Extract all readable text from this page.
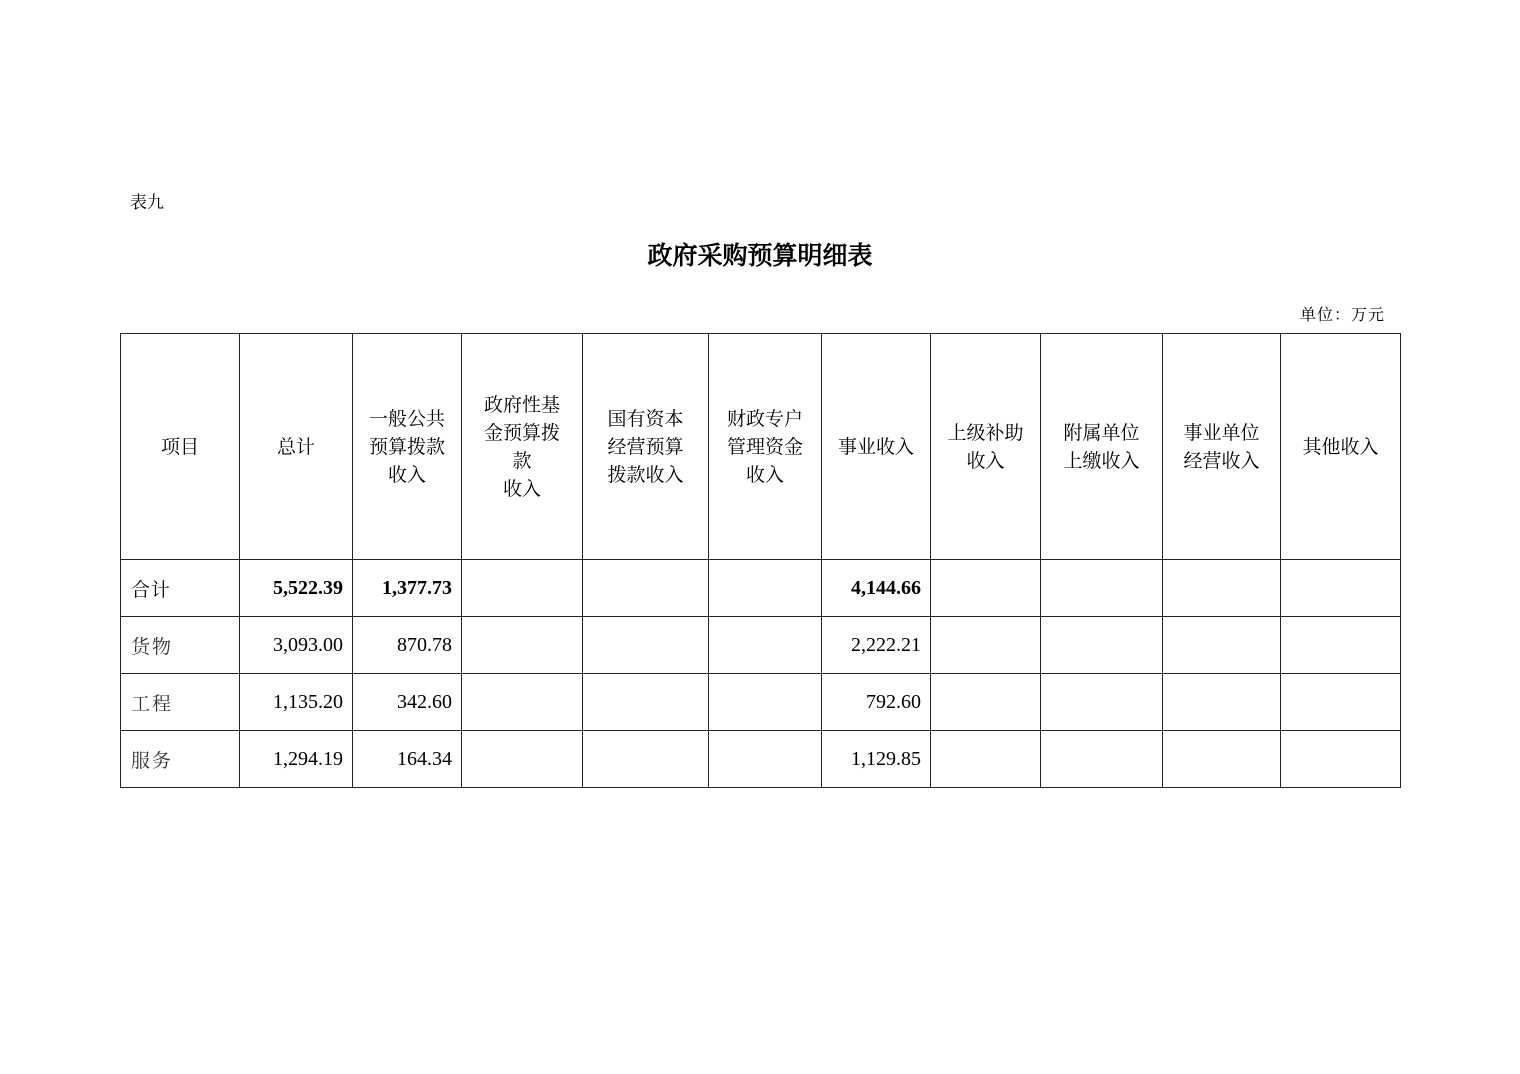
表九
政府采购预算明细表
单位：万元
项目	总计	一般公共
预算拨款
收入	政府性基
金预算拨
款
收入	国有资本
经营预算
拨款收入	财政专户
管理资金
收入	事业收入	上级补助
收入	附属单位
上缴收入	事业单位
经营收入	其他收入

合计	5,522.39	1,377.73				4,144.66				
货物	3,093.00	870.78				2,222.21				
工程	1,135.20	342.60				792.60				
服务	1,294.19	164.34				1,129.85				
